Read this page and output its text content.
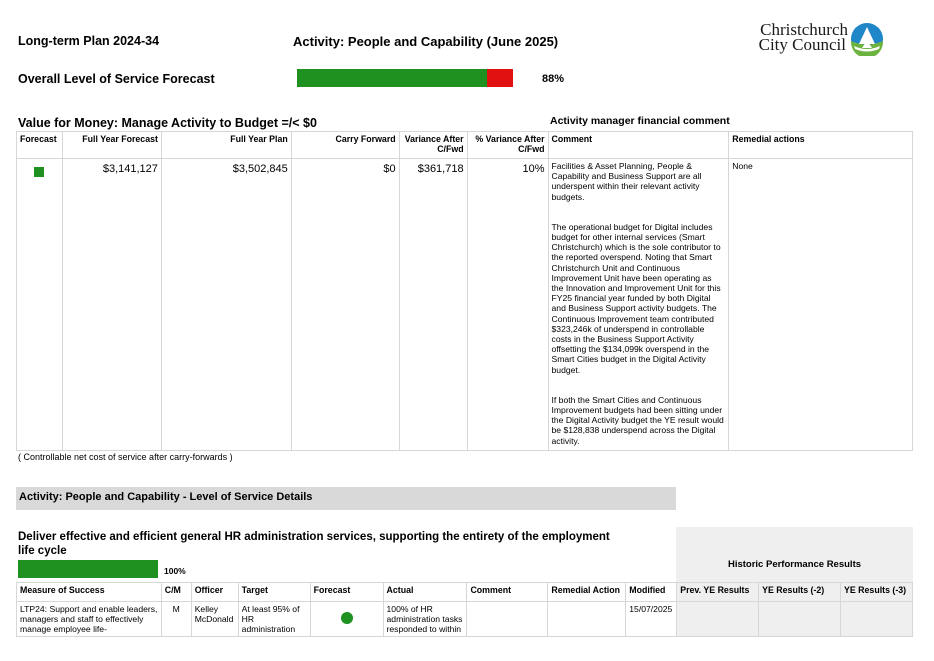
Long-term Plan 2024-34	Activity: People and Capability (June 2025)
Christchurch
City Council
Overall Level of Service Forecast	88%
Value for Money: Manage Activity to Budget =/< $0	Activity manager financial comment
Forecast	Full Year Forecast	Full Year Plan	Carry Forward	Variance After C/Fwd	% Variance After C/Fwd	Comment	Remedial actions

	$3,141,127	$3,502,845	$0	$361,718	10%	Facilities & Asset Planning, People & Capability and Business Support are all underspent within their relevant activity budgets.

The operational budget for Digital includes budget for other internal services (Smart Christchurch) which is the sole contributor to the reported overspend. Noting that Smart Christchurch Unit and Continuous Improvement Unit have been operating as the Innovation and Improvement Unit for this FY25 financial year funded by both Digital and Business Support activity budgets. The Continuous Improvement team contributed $323,246k of underspend in controllable costs in the Business Support Activity offsetting the $134,099k overspend in the Smart Cities budget in the Digital Activity budget.

If both the Smart Cities and Continuous Improvement budgets had been sitting under the Digital Activity budget the YE result would be $128,838 underspend across the Digital activity.	None
( Controllable net cost of service after carry-forwards )
Activity: People and Capability - Level of Service Details
Historic Performance Results
Deliver effective and efficient general HR administration services, supporting the entirety of the employment life cycle
100%
Measure of Success	C/M	Officer	Target	Forecast	Actual	Comment	Remedial Action	Modified	Prev. YE Results	YE Results (-2)	YE Results (-3)

LTP24: Support and enable leaders, managers and staff to effectively manage employee life-	M	Kelley McDonald	At least 95% of HR administration		100% of HR administration tasks responded to within			15/07/2025			
